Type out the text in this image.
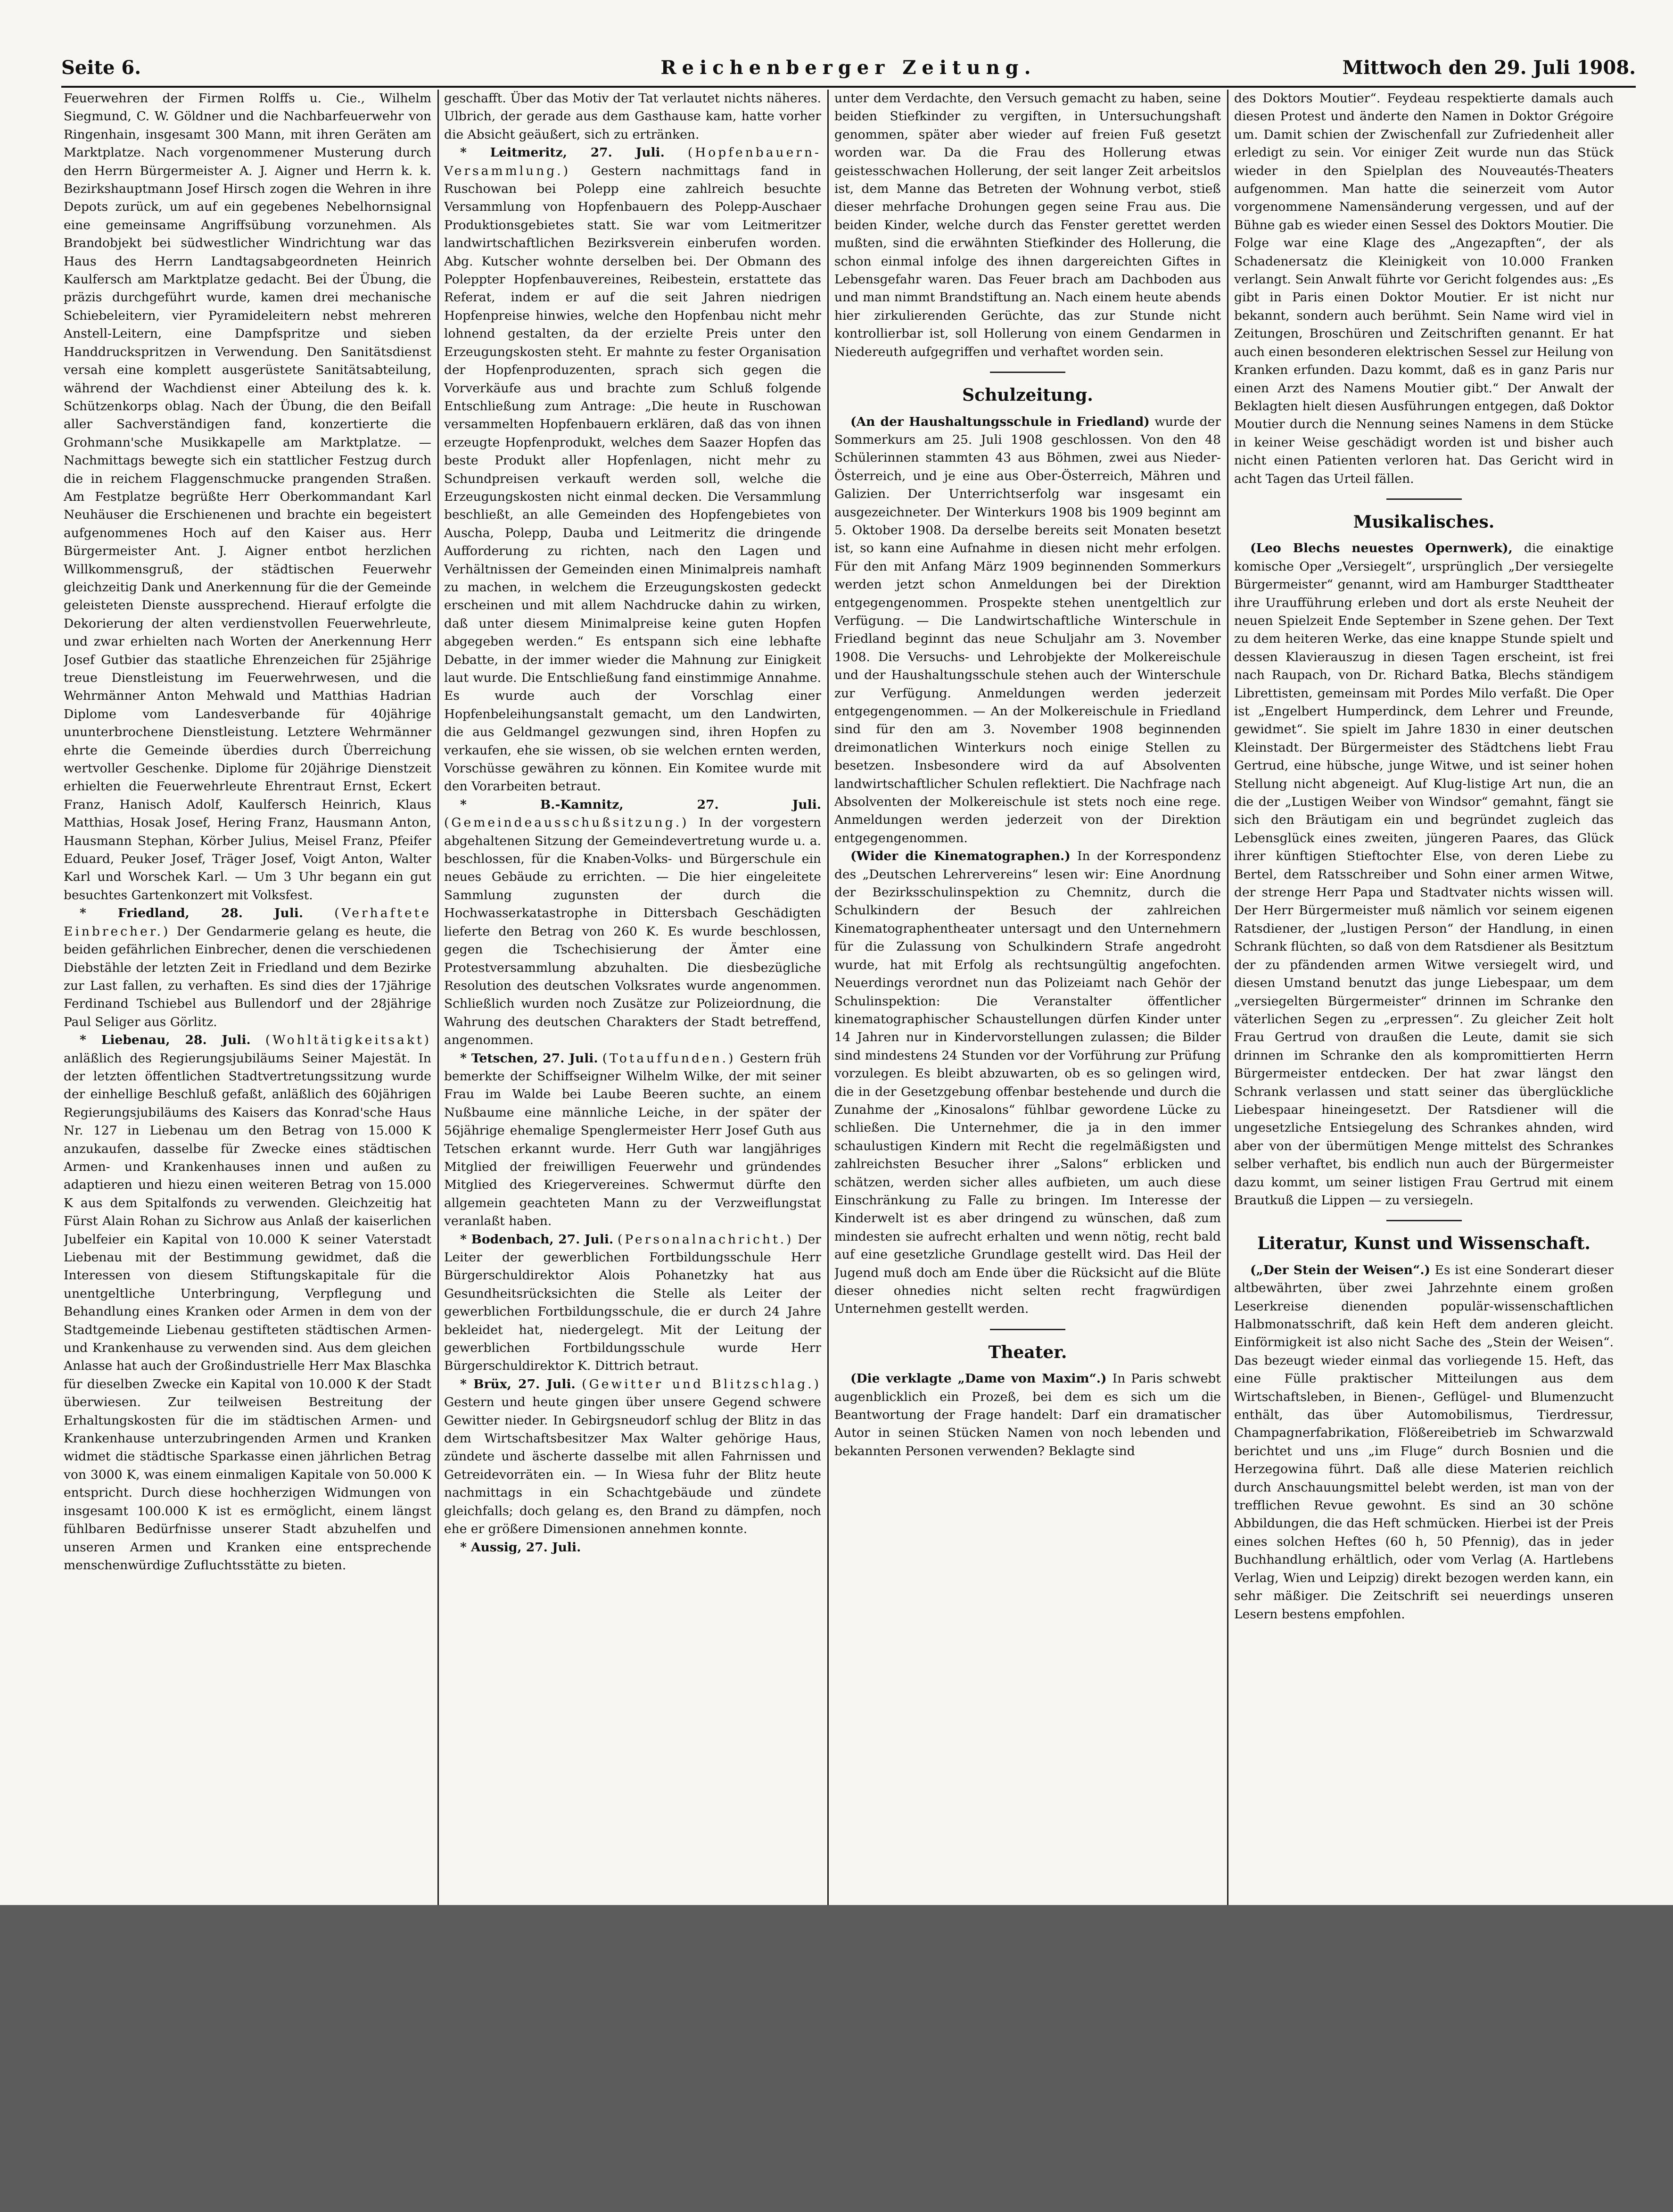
Reichenberger Zeitung.
Seite 6.	Mittwoch den 29. Juli 1908.

Feuerwehren der Firmen Rolffs u. Cie., Wilhelm Siegmund, C. W. Göldner und die Nachbarfeuerwehr von Ringenhain, insgesamt 300 Mann, mit ihren Geräten am Marktplatze. Nach vorgenommener Musterung durch den Herrn Bürgermeister A. J. Aigner und Herrn k. k. Bezirkshauptmann Josef Hirsch zogen die Wehren in ihre Depots zurück, um auf ein gegebenes Nebelhornsignal eine gemeinsame Angriffsübung vorzunehmen. Als Brandobjekt bei südwestlicher Windrichtung war das Haus des Herrn Landtagsabgeordneten Heinrich Kaulfersch am Marktplatze gedacht. Bei der Übung, die präzis durchgeführt wurde, kamen drei mechanische Schiebeleitern, vier Pyramideleitern nebst mehreren Anstell-Leitern, eine Dampfspritze und sieben Handdruckspritzen in Verwendung. Den Sanitätsdienst versah eine komplett ausgerüstete Sanitätsabteilung, während der Wachdienst einer Abteilung des k. k. Schützenkorps oblag. Nach der Übung, die den Beifall aller Sachverständigen fand, konzertierte die Grohmann'sche Musikkapelle am Marktplatze. — Nachmittags bewegte sich ein stattlicher Festzug durch die in reichem Flaggenschmucke prangenden Straßen. Am Festplatze begrüßte Herr Oberkommandant Karl Neuhäuser die Erschienenen und brachte ein begeistert aufgenommenes Hoch auf den Kaiser aus. Herr Bürgermeister Ant. J. Aigner entbot herzlichen Willkommensgruß, der städtischen Feuerwehr gleichzeitig Dank und Anerkennung für die der Gemeinde geleisteten Dienste aussprechend. Hierauf erfolgte die Dekorierung der alten verdienstvollen Feuerwehrleute, und zwar erhielten nach Worten der Anerkennung Herr Josef Gutbier das staatliche Ehrenzeichen für 25jährige treue Dienstleistung im Feuerwehrwesen, und die Wehrmänner Anton Mehwald und Matthias Hadrian Diplome vom Landesverbande für 40jährige ununterbrochene Dienstleistung. Letztere Wehrmänner ehrte die Gemeinde überdies durch Überreichung wertvoller Geschenke. Diplome für 20jährige Dienstzeit erhielten die Feuerwehrleute Ehrentraut Ernst, Eckert Franz, Hanisch Adolf, Kaulfersch Heinrich, Klaus Matthias, Hosak Josef, Hering Franz, Hausmann Anton, Hausmann Stephan, Körber Julius, Meisel Franz, Pfeifer Eduard, Peuker Josef, Träger Josef, Voigt Anton, Walter Karl und Worschek Karl. — Um 3 Uhr begann ein gut besuchtes Gartenkonzert mit Volksfest.

* Friedland, 28. Juli. (Verhaftete Einbrecher.) Der Gendarmerie gelang es heute, die beiden gefährlichen Einbrecher, denen die verschiedenen Diebstähle der letzten Zeit in Friedland und dem Bezirke zur Last fallen, zu verhaften. Es sind dies der 17jährige Ferdinand Tschiebel aus Bullendorf und der 28jährige Paul Seliger aus Görlitz.

* Liebenau, 28. Juli. (Wohltätigkeitsakt) anläßlich des Regierungsjubiläums Seiner Majestät. In der letzten öffentlichen Stadtvertretungssitzung wurde der einhellige Beschluß gefaßt, anläßlich des 60jährigen Regierungsjubiläums des Kaisers das Konrad'sche Haus Nr. 127 in Liebenau um den Betrag von 15.000 K anzukaufen, dasselbe für Zwecke eines städtischen Armen- und Krankenhauses innen und außen zu adaptieren und hiezu einen weiteren Betrag von 15.000 K aus dem Spitalfonds zu verwenden. Gleichzeitig hat Fürst Alain Rohan zu Sichrow aus Anlaß der kaiserlichen Jubelfeier ein Kapital von 10.000 K seiner Vaterstadt Liebenau mit der Bestimmung gewidmet, daß die Interessen von diesem Stiftungskapitale für die unentgeltliche Unterbringung, Verpflegung und Behandlung eines Kranken oder Armen in dem von der Stadtgemeinde Liebenau gestifteten städtischen Armen- und Krankenhause zu verwenden sind. Aus dem gleichen Anlasse hat auch der Großindustrielle Herr Max Blaschka für dieselben Zwecke ein Kapital von 10.000 K der Stadt überwiesen. Zur teilweisen Bestreitung der Erhaltungskosten für die im städtischen Armen- und Krankenhause unterzubringenden Armen und Kranken widmet die städtische Sparkasse einen jährlichen Betrag von 3000 K, was einem einmaligen Kapitale von 50.000 K entspricht. Durch diese hochherzigen Widmungen von insgesamt 100.000 K ist es ermöglicht, einem längst fühlbaren Bedürfnisse unserer Stadt abzuhelfen und unseren Armen und Kranken eine entsprechende menschenwürdige Zufluchtsstätte zu bieten.

geschafft. Über das Motiv der Tat verlautet nichts näheres. Ulbrich, der gerade aus dem Gasthause kam, hatte vorher die Absicht geäußert, sich zu ertränken.

* Leitmeritz, 27. Juli. (Hopfenbauern-Versammlung.) Gestern nachmittags fand in Ruschowan bei Polepp eine zahlreich besuchte Versammlung von Hopfenbauern des Polepp-Auschaer Produktionsgebietes statt. Sie war vom Leitmeritzer landwirtschaftlichen Bezirksverein einberufen worden. Abg. Kutscher wohnte derselben bei. Der Obmann des Poleppter Hopfenbauvereines, Reibestein, erstattete das Referat, indem er auf die seit Jahren niedrigen Hopfenpreise hinwies, welche den Hopfenbau nicht mehr lohnend gestalten, da der erzielte Preis unter den Erzeugungskosten steht. Er mahnte zu fester Organisation der Hopfenproduzenten, sprach sich gegen die Vorverkäufe aus und brachte zum Schluß folgende Entschließung zum Antrage: „Die heute in Ruschowan versammelten Hopfenbauern erklären, daß das von ihnen erzeugte Hopfenprodukt, welches dem Saazer Hopfen das beste Produkt aller Hopfenlagen, nicht mehr zu Schundpreisen verkauft werden soll, welche die Erzeugungskosten nicht einmal decken. Die Versammlung beschließt, an alle Gemeinden des Hopfengebietes von Auscha, Polepp, Dauba und Leitmeritz die dringende Aufforderung zu richten, nach den Lagen und Verhältnissen der Gemeinden einen Minimalpreis namhaft zu machen, in welchem die Erzeugungskosten gedeckt erscheinen und mit allem Nachdrucke dahin zu wirken, daß unter diesem Minimalpreise keine guten Hopfen abgegeben werden.“ Es entspann sich eine lebhafte Debatte, in der immer wieder die Mahnung zur Einigkeit laut wurde. Die Entschließung fand einstimmige Annahme. Es wurde auch der Vorschlag einer Hopfenbeleihungsanstalt gemacht, um den Landwirten, die aus Geldmangel gezwungen sind, ihren Hopfen zu verkaufen, ehe sie wissen, ob sie welchen ernten werden, Vorschüsse gewähren zu können. Ein Komitee wurde mit den Vorarbeiten betraut.

* B.-Kamnitz, 27. Juli. (Gemeindeausschußsitzung.) In der vorgestern abgehaltenen Sitzung der Gemeindevertretung wurde u. a. beschlossen, für die Knaben-Volks- und Bürgerschule ein neues Gebäude zu errichten. — Die hier eingeleitete Sammlung zugunsten der durch die Hochwasserkatastrophe in Dittersbach Geschädigten lieferte den Betrag von 260 K. Es wurde beschlossen, gegen die Tschechisierung der Ämter eine Protestversammlung abzuhalten. Die diesbezügliche Resolution des deutschen Volksrates wurde angenommen. Schließlich wurden noch Zusätze zur Polizeiordnung, die Wahrung des deutschen Charakters der Stadt betreffend, angenommen.

* Tetschen, 27. Juli. (Totauffunden.) Gestern früh bemerkte der Schiffseigner Wilhelm Wilke, der mit seiner Frau im Walde bei Laube Beeren suchte, an einem Nußbaume eine männliche Leiche, in der später der 56jährige ehemalige Spenglermeister Herr Josef Guth aus Tetschen erkannt wurde. Herr Guth war langjähriges Mitglied der freiwilligen Feuerwehr und gründendes Mitglied des Kriegervereines. Schwermut dürfte den allgemein geachteten Mann zu der Verzweiflungstat veranlaßt haben.

* Bodenbach, 27. Juli. (Personalnachricht.) Der Leiter der gewerblichen Fortbildungsschule Herr Bürgerschuldirektor Alois Pohanetzky hat aus Gesundheitsrücksichten die Stelle als Leiter der gewerblichen Fortbildungsschule, die er durch 24 Jahre bekleidet hat, niedergelegt. Mit der Leitung der gewerblichen Fortbildungsschule wurde Herr Bürgerschuldirektor K. Dittrich betraut.

* Brüx, 27. Juli. (Gewitter und Blitzschlag.) Gestern und heute gingen über unsere Gegend schwere Gewitter nieder. In Gebirgsneudorf schlug der Blitz in das dem Wirtschaftsbesitzer Max Walter gehörige Haus, zündete und äscherte dasselbe mit allen Fahrnissen und Getreidevorräten ein. — In Wiesa fuhr der Blitz heute nachmittags in ein Schachtgebäude und zündete gleichfalls; doch gelang es, den Brand zu dämpfen, noch ehe er größere Dimensionen annehmen konnte.

* Aussig, 27. Juli.

unter dem Verdachte, den Versuch gemacht zu haben, seine beiden Stiefkinder zu vergiften, in Untersuchungshaft genommen, später aber wieder auf freien Fuß gesetzt worden war. Da die Frau des Hollerung etwas geistesschwachen Hollerung, der seit langer Zeit arbeitslos ist, dem Manne das Betreten der Wohnung verbot, stieß dieser mehrfache Drohungen gegen seine Frau aus. Die beiden Kinder, welche durch das Fenster gerettet werden mußten, sind die erwähnten Stiefkinder des Hollerung, die schon einmal infolge des ihnen dargereichten Giftes in Lebensgefahr waren. Das Feuer brach am Dachboden aus und man nimmt Brandstiftung an. Nach einem heute abends hier zirkulierenden Gerüchte, das zur Stunde nicht kontrollierbar ist, soll Hollerung von einem Gendarmen in Niedereuth aufgegriffen und verhaftet worden sein.

Schulzeitung.

(An der Haushaltungsschule in Friedland) wurde der Sommerkurs am 25. Juli 1908 geschlossen. Von den 48 Schülerinnen stammten 43 aus Böhmen, zwei aus Nieder-Österreich, und je eine aus Ober-Österreich, Mähren und Galizien. Der Unterrichtserfolg war insgesamt ein ausgezeichneter. Der Winterkurs 1908 bis 1909 beginnt am 5. Oktober 1908. Da derselbe bereits seit Monaten besetzt ist, so kann eine Aufnahme in diesen nicht mehr erfolgen. Für den mit Anfang März 1909 beginnenden Sommerkurs werden jetzt schon Anmeldungen bei der Direktion entgegengenommen. Prospekte stehen unentgeltlich zur Verfügung. — Die Landwirtschaftliche Winterschule in Friedland beginnt das neue Schuljahr am 3. November 1908. Die Versuchs- und Lehrobjekte der Molkereischule und der Haushaltungsschule stehen auch der Winterschule zur Verfügung. Anmeldungen werden jederzeit entgegengenommen. — An der Molkereischule in Friedland sind für den am 3. November 1908 beginnenden dreimonatlichen Winterkurs noch einige Stellen zu besetzen. Insbesondere wird da auf Absolventen landwirtschaftlicher Schulen reflektiert. Die Nachfrage nach Absolventen der Molkereischule ist stets noch eine rege. Anmeldungen werden jederzeit von der Direktion entgegengenommen.

(Wider die Kinematographen.) In der Korrespondenz des „Deutschen Lehrervereins“ lesen wir: Eine Anordnung der Bezirksschulinspektion zu Chemnitz, durch die Schulkindern der Besuch der zahlreichen Kinematographentheater untersagt und den Unternehmern für die Zulassung von Schulkindern Strafe angedroht wurde, hat mit Erfolg als rechtsungültig angefochten. Neuerdings verordnet nun das Polizeiamt nach Gehör der Schulinspektion: Die Veranstalter öffentlicher kinematographischer Schaustellungen dürfen Kinder unter 14 Jahren nur in Kindervorstellungen zulassen; die Bilder sind mindestens 24 Stunden vor der Vorführung zur Prüfung vorzulegen. Es bleibt abzuwarten, ob es so gelingen wird, die in der Gesetzgebung offenbar bestehende und durch die Zunahme der „Kinosalons“ fühlbar gewordene Lücke zu schließen. Die Unternehmer, die ja in den immer schaulustigen Kindern mit Recht die regelmäßigsten und zahlreichsten Besucher ihrer „Salons“ erblicken und schätzen, werden sicher alles aufbieten, um auch diese Einschränkung zu Falle zu bringen. Im Interesse der Kinderwelt ist es aber dringend zu wünschen, daß zum mindesten sie aufrecht erhalten und wenn nötig, recht bald auf eine gesetzliche Grundlage gestellt wird. Das Heil der Jugend muß doch am Ende über die Rücksicht auf die Blüte dieser ohnedies nicht selten recht fragwürdigen Unternehmen gestellt werden.

Theater.

(Die verklagte „Dame von Maxim“.) In Paris schwebt augenblicklich ein Prozeß, bei dem es sich um die Beantwortung der Frage handelt: Darf ein dramatischer Autor in seinen Stücken Namen von noch lebenden und bekannten Personen verwenden? Beklagte sind

des Doktors Moutier“. Feydeau respektierte damals auch diesen Protest und änderte den Namen in Doktor Grégoire um. Damit schien der Zwischenfall zur Zufriedenheit aller erledigt zu sein. Vor einiger Zeit wurde nun das Stück wieder in den Spielplan des Nouveautés-Theaters aufgenommen. Man hatte die seinerzeit vom Autor vorgenommene Namensänderung vergessen, und auf der Bühne gab es wieder einen Sessel des Doktors Moutier. Die Folge war eine Klage des „Angezapften“, der als Schadenersatz die Kleinigkeit von 10.000 Franken verlangt. Sein Anwalt führte vor Gericht folgendes aus: „Es gibt in Paris einen Doktor Moutier. Er ist nicht nur bekannt, sondern auch berühmt. Sein Name wird viel in Zeitungen, Broschüren und Zeitschriften genannt. Er hat auch einen besonderen elektrischen Sessel zur Heilung von Kranken erfunden. Dazu kommt, daß es in ganz Paris nur einen Arzt des Namens Moutier gibt.“ Der Anwalt der Beklagten hielt diesen Ausführungen entgegen, daß Doktor Moutier durch die Nennung seines Namens in dem Stücke in keiner Weise geschädigt worden ist und bisher auch nicht einen Patienten verloren hat. Das Gericht wird in acht Tagen das Urteil fällen.

Musikalisches.

(Leo Blechs neuestes Opernwerk), die einaktige komische Oper „Versiegelt“, ursprünglich „Der versiegelte Bürgermeister“ genannt, wird am Hamburger Stadttheater ihre Uraufführung erleben und dort als erste Neuheit der neuen Spielzeit Ende September in Szene gehen. Der Text zu dem heiteren Werke, das eine knappe Stunde spielt und dessen Klavierauszug in diesen Tagen erscheint, ist frei nach Raupach, von Dr. Richard Batka, Blechs ständigem Librettisten, gemeinsam mit Pordes Milo verfaßt. Die Oper ist „Engelbert Humperdinck, dem Lehrer und Freunde, gewidmet“. Sie spielt im Jahre 1830 in einer deutschen Kleinstadt. Der Bürgermeister des Städtchens liebt Frau Gertrud, eine hübsche, junge Witwe, und ist seiner hohen Stellung nicht abgeneigt. Auf Klug-listige Art nun, die an die der „Lustigen Weiber von Windsor“ gemahnt, fängt sie sich den Bräutigam ein und begründet zugleich das Lebensglück eines zweiten, jüngeren Paares, das Glück ihrer künftigen Stieftochter Else, von deren Liebe zu Bertel, dem Ratsschreiber und Sohn einer armen Witwe, der strenge Herr Papa und Stadtvater nichts wissen will. Der Herr Bürgermeister muß nämlich vor seinem eigenen Ratsdiener, der „lustigen Person“ der Handlung, in einen Schrank flüchten, so daß von dem Ratsdiener als Besitztum der zu pfändenden armen Witwe versiegelt wird, und diesen Umstand benutzt das junge Liebespaar, um dem „versiegelten Bürgermeister“ drinnen im Schranke den väterlichen Segen zu „erpressen“. Zu gleicher Zeit holt Frau Gertrud von draußen die Leute, damit sie sich drinnen im Schranke den als kompromittierten Herrn Bürgermeister entdecken. Der hat zwar längst den Schrank verlassen und statt seiner das überglückliche Liebespaar hineingesetzt. Der Ratsdiener will die ungesetzliche Entsiegelung des Schrankes ahnden, wird aber von der übermütigen Menge mittelst des Schrankes selber verhaftet, bis endlich nun auch der Bürgermeister dazu kommt, um seiner listigen Frau Gertrud mit einem Brautkuß die Lippen — zu versiegeln.

Literatur, Kunst und Wissenschaft.

(„Der Stein der Weisen“.) Es ist eine Sonderart dieser altbewährten, über zwei Jahrzehnte einem großen Leserkreise dienenden populär-wissenschaftlichen Halbmonatsschrift, daß kein Heft dem anderen gleicht. Einförmigkeit ist also nicht Sache des „Stein der Weisen“. Das bezeugt wieder einmal das vorliegende 15. Heft, das eine Fülle praktischer Mitteilungen aus dem Wirtschaftsleben, in Bienen-, Geflügel- und Blumenzucht enthält, das über Automobilismus, Tierdressur, Champagnerfabrikation, Flößereibetrieb im Schwarzwald berichtet und uns „im Fluge“ durch Bosnien und die Herzegowina führt. Daß alle diese Materien reichlich durch Anschauungsmittel belebt werden, ist man von der trefflichen Revue gewohnt. Es sind an 30 schöne Abbildungen, die das Heft schmücken. Hierbei ist der Preis eines solchen Heftes (60 h, 50 Pfennig), das in jeder Buchhandlung erhältlich, oder vom Verlag (A. Hartlebens Verlag, Wien und Leipzig) direkt bezogen werden kann, ein sehr mäßiger. Die Zeitschrift sei neuerdings unseren Lesern bestens empfohlen.
